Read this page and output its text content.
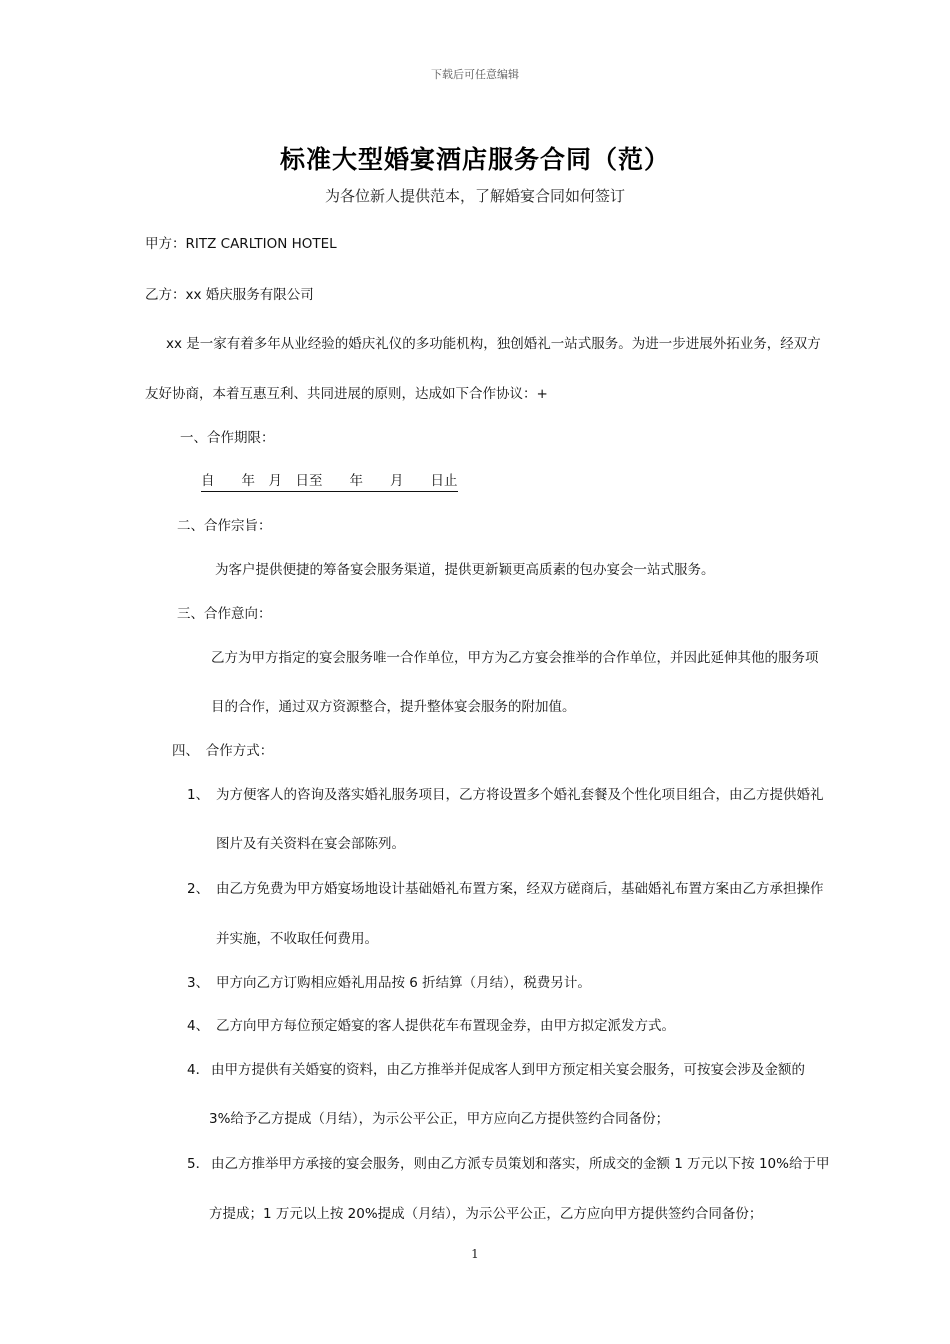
下载后可任意编辑
标准大型婚宴酒店服务合同（范）
为各位新人提供范本，了解婚宴合同如何签订
甲方：RITZ CARLTION HOTEL
乙方：xx 婚庆服务有限公司
xx 是一家有着多年从业经验的婚庆礼仪的多功能机构，独创婚礼一站式服务。为进一步进展外拓业务，经双方
友好协商，本着互惠互利、共同进展的原则，达成如下合作协议：+
一、合作期限：
自　　年　月　日至　　年　　月　　日止
二、合作宗旨：
为客户提供便捷的筹备宴会服务渠道，提供更新颖更高质素的包办宴会一站式服务。
三、合作意向：
乙方为甲方指定的宴会服务唯一合作单位，甲方为乙方宴会推举的合作单位，并因此延伸其他的服务项
目的合作，通过双方资源整合，提升整体宴会服务的附加值。
四、　合作方式：
1、 为方便客人的咨询及落实婚礼服务项目，乙方将设置多个婚礼套餐及个性化项目组合，由乙方提供婚礼
图片及有关资料在宴会部陈列。
2、 由乙方免费为甲方婚宴场地设计基础婚礼布置方案，经双方磋商后，基础婚礼布置方案由乙方承担操作
并实施，不收取任何费用。
3、 甲方向乙方订购相应婚礼用品按 6 折结算（月结），税费另计。
4、 乙方向甲方每位预定婚宴的客人提供花车布置现金券，由甲方拟定派发方式。
4． 由甲方提供有关婚宴的资料，由乙方推举并促成客人到甲方预定相关宴会服务，可按宴会涉及金额的
3%给予乙方提成（月结），为示公平公正，甲方应向乙方提供签约合同备份；
5． 由乙方推举甲方承接的宴会服务，则由乙方派专员策划和落实，所成交的金额 1 万元以下按 10%给于甲
方提成；1 万元以上按 20%提成（月结），为示公平公正，乙方应向甲方提供签约合同备份；
1
